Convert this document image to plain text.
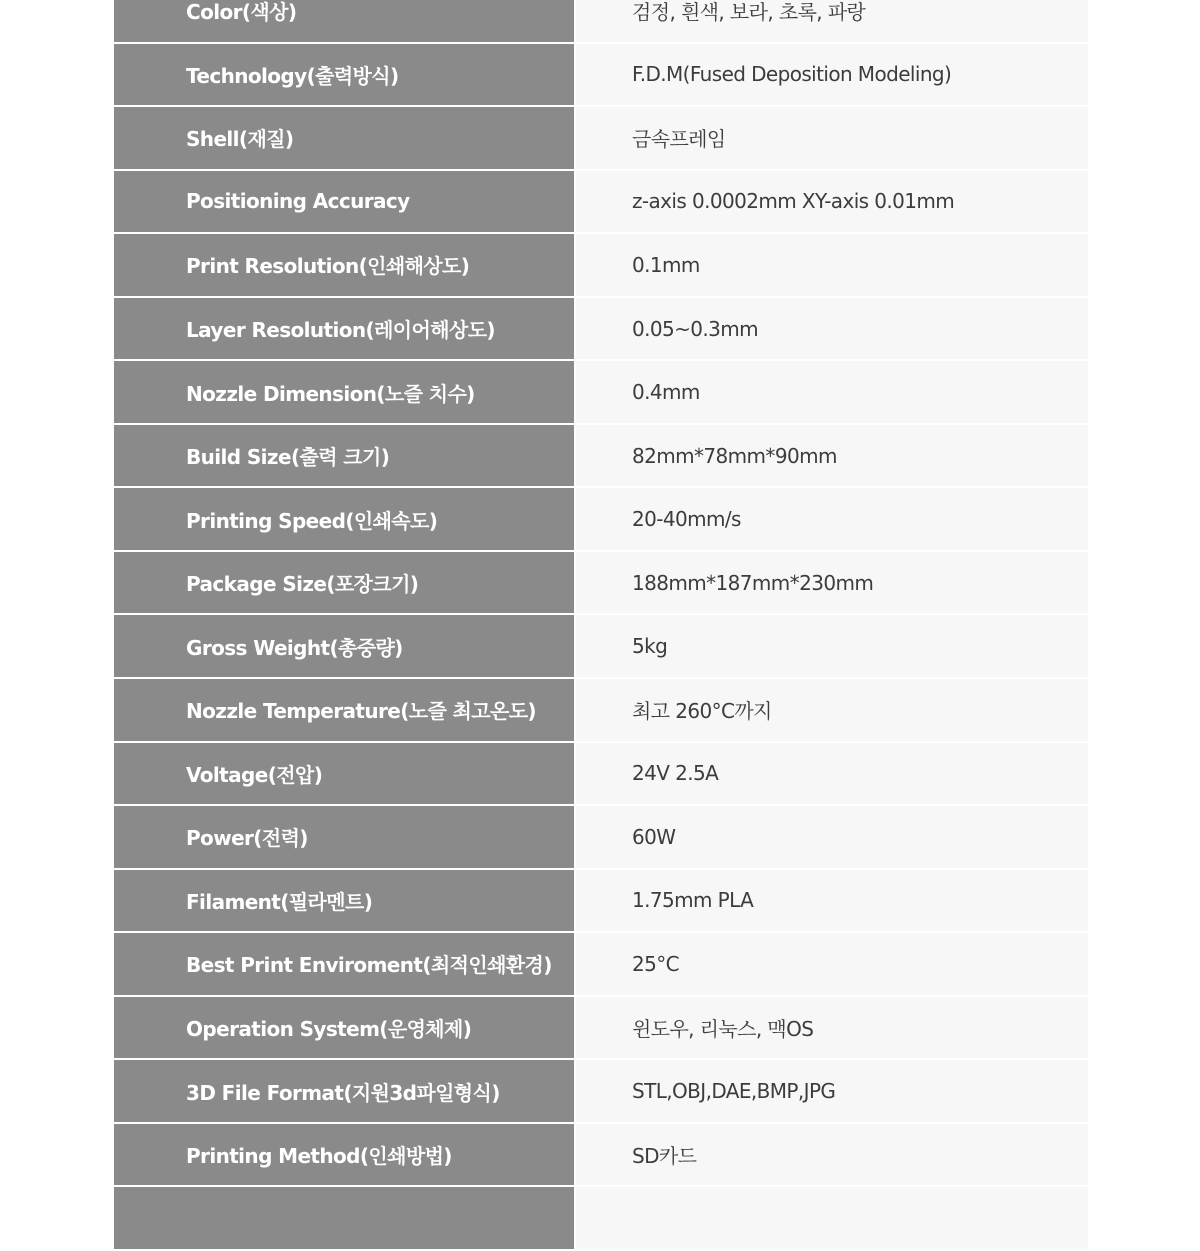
Color(색상)	검정, 흰색, 보라, 초록, 파랑
Technology(출력방식)	F.D.M(Fused Deposition Modeling)
Shell(재질)	금속프레임
Positioning Accuracy	z-axis 0.0002mm XY-axis 0.01mm
Print Resolution(인쇄해상도)	0.1mm
Layer Resolution(레이어해상도)	0.05~0.3mm
Nozzle Dimension(노즐 치수)	0.4mm
Build Size(출력 크기)	82mm*78mm*90mm
Printing Speed(인쇄속도)	20-40mm/s
Package Size(포장크기)	188mm*187mm*230mm
Gross Weight(총중량)	5kg
Nozzle Temperature(노즐 최고온도)	최고 260°C까지
Voltage(전압)	24V 2.5A
Power(전력)	60W
Filament(필라멘트)	1.75mm PLA
Best Print Enviroment(최적인쇄환경)	25°C
Operation System(운영체제)	윈도우, 리눅스, 맥OS
3D File Format(지원3d파일형식)	STL,OBJ,DAE,BMP,JPG
Printing Method(인쇄방법)	SD카드
